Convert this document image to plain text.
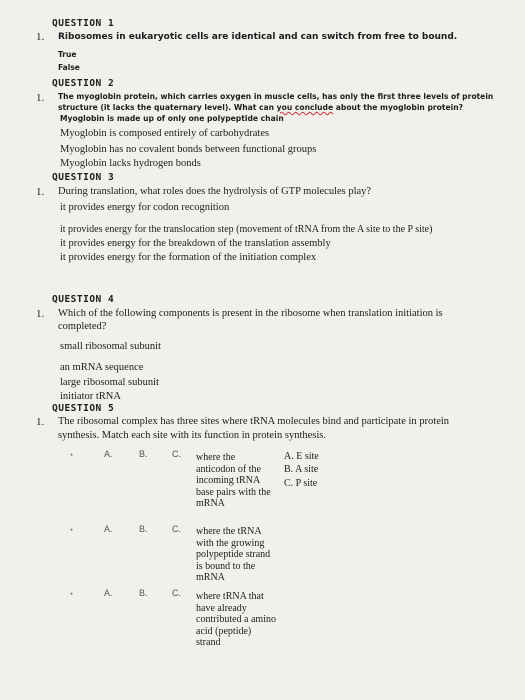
QUESTION 1
1. Ribosomes in eukaryotic cells are identical and can switch from free to bound.
True
False
QUESTION 2
1. The myoglobin protein, which carries oxygen in muscle cells, has only the first three levels of protein
structure (it lacks the quaternary level). What can you conclude about the myoglobin protein?
Myoglobin is made up of only one polypeptide chain
Myoglobin is composed entirely of carbohydrates
Myoglobin has no covalent bonds between functional groups
Myoglobin lacks hydrogen bonds
QUESTION 3
1. During translation, what roles does the hydrolysis of GTP molecules play?
it provides energy for codon recognition
it provides energy for the translocation step (movement of tRNA from the A site to the P site)
it provides energy for the breakdown of the translation assembly
it provides energy for the formation of the initiation complex
QUESTION 4
1. Which of the following components is present in the ribosome when translation initiation is
completed?
small ribosomal subunit
an mRNA sequence
large ribosomal subunit
initiator tRNA
QUESTION 5
1. The ribosomal complex has three sites where tRNA molecules bind and participate in protein
synthesis. Match each site with its function in protein synthesis.
•	A.	B.	C. where the anticodon of the incoming tRNA base pairs with the mRNA
A. E site
B. A site
C. P site
•	A.	B.	C. where the tRNA with the growing polypeptide strand is bound to the mRNA
•	A.	B.	C. where tRNA that have already contributed a amino acid (peptide) strand
